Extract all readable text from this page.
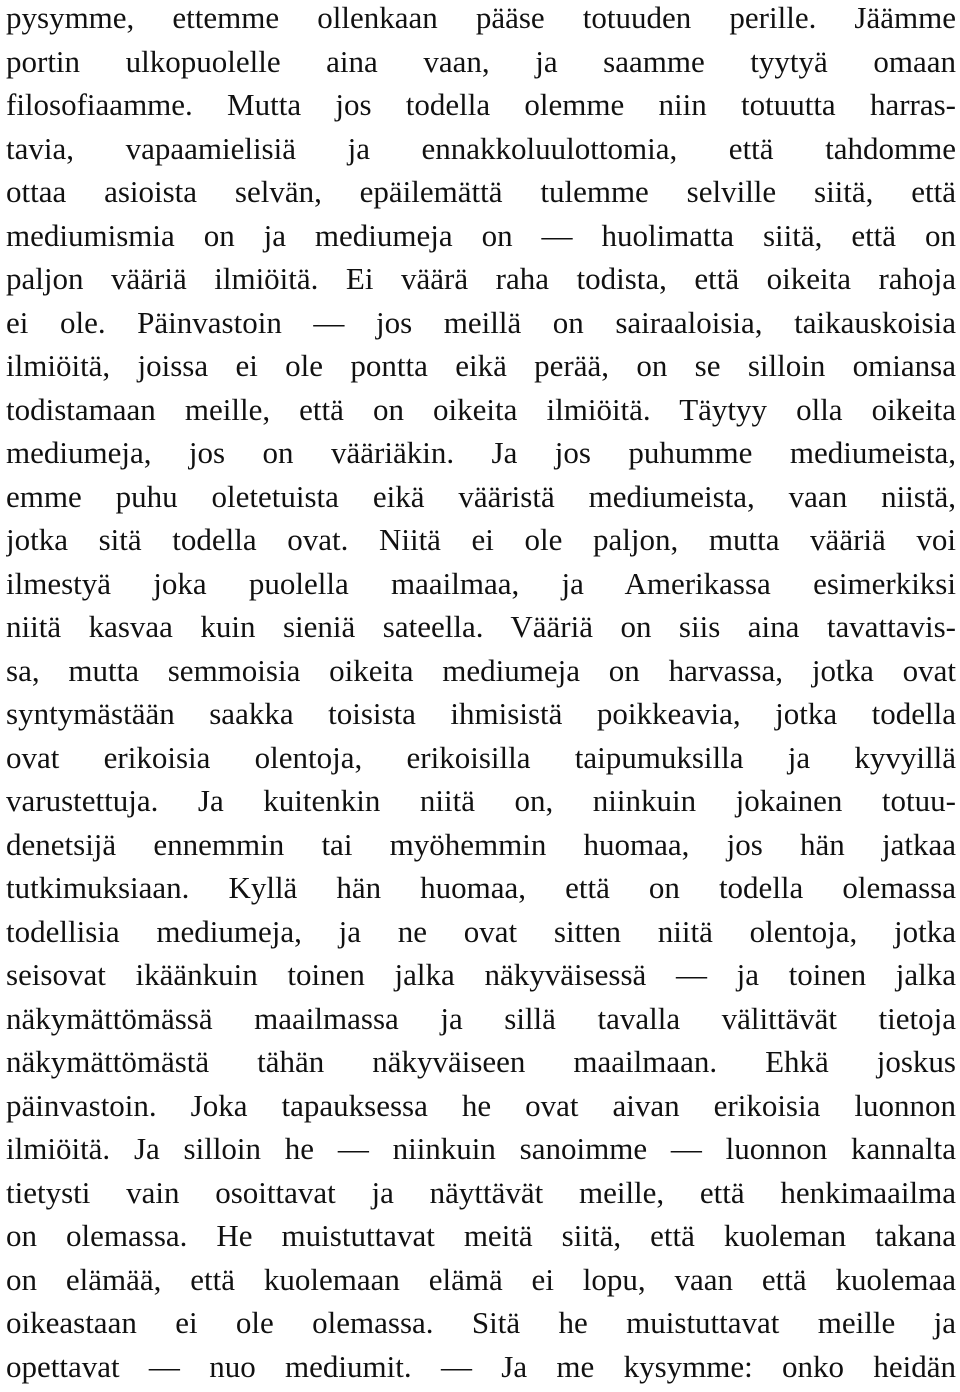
pysymme, ettemme ollenkaan pääse totuuden perille. Jäämme
portin ulkopuolelle aina vaan, ja saamme tyytyä omaan
filosofiaamme. Mutta jos todella olemme niin totuutta harras-
tavia, vapaamielisiä ja ennakkoluulottomia, että tahdomme
ottaa asioista selvän, epäilemättä tulemme selville siitä, että
mediumismia on ja mediumeja on — huolimatta siitä, että on
paljon vääriä ilmiöitä. Ei väärä raha todista, että oikeita rahoja
ei ole. Päinvastoin — jos meillä on sairaaloisia, taikauskoisia
ilmiöitä, joissa ei ole pontta eikä perää, on se silloin omiansa
todistamaan meille, että on oikeita ilmiöitä. Täytyy olla oikeita
mediumeja, jos on vääriäkin. Ja jos puhumme mediumeista,
emme puhu oletetuista eikä vääristä mediumeista, vaan niistä,
jotka sitä todella ovat. Niitä ei ole paljon, mutta vääriä voi
ilmestyä joka puolella maailmaa, ja Amerikassa esimerkiksi
niitä kasvaa kuin sieniä sateella. Vääriä on siis aina tavattavis-
sa, mutta semmoisia oikeita mediumeja on harvassa, jotka ovat
syntymästään saakka toisista ihmisistä poikkeavia, jotka todella
ovat erikoisia olentoja, erikoisilla taipumuksilla ja kyvyillä
varustettuja. Ja kuitenkin niitä on, niinkuin jokainen totuu-
denetsijä ennemmin tai myöhemmin huomaa, jos hän jatkaa
tutkimuksiaan. Kyllä hän huomaa, että on todella olemassa
todellisia mediumeja, ja ne ovat sitten niitä olentoja, jotka
seisovat ikäänkuin toinen jalka näkyväisessä — ja toinen jalka
näkymättömässä maailmassa ja sillä tavalla välittävät tietoja
näkymättömästä tähän näkyväiseen maailmaan. Ehkä joskus
päinvastoin. Joka tapauksessa he ovat aivan erikoisia luonnon
ilmiöitä. Ja silloin he — niinkuin sanoimme — luonnon kannalta
tietysti vain osoittavat ja näyttävät meille, että henkimaailma
on olemassa. He muistuttavat meitä siitä, että kuoleman takana
on elämää, että kuolemaan elämä ei lopu, vaan että kuolemaa
oikeastaan ei ole olemassa. Sitä he muistuttavat meille ja
opettavat — nuo mediumit. — Ja me kysymme: onko heidän
